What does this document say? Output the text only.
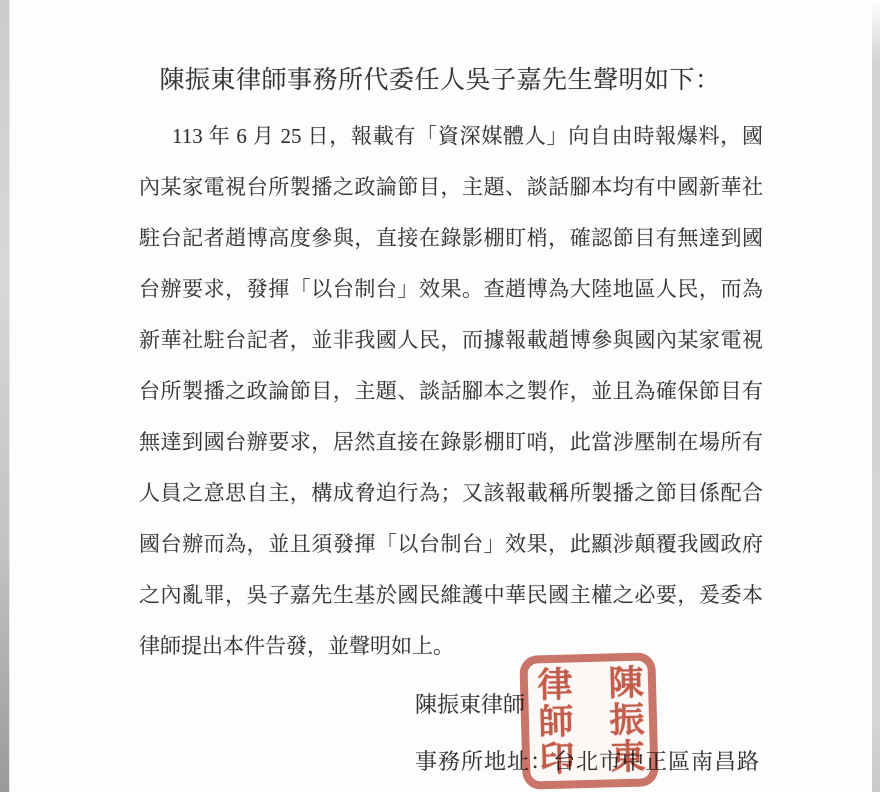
陳振東律師事務所代委任人吳子嘉先生聲明如下：
113 年 6 月 25 日，報載有「資深媒體人」向自由時報爆料，國
內某家電視台所製播之政論節目，主題、談話腳本均有中國新華社
駐台記者趙博高度參與，直接在錄影棚盯梢，確認節目有無達到國
台辦要求，發揮「以台制台」效果。查趙博為大陸地區人民，而為
新華社駐台記者，並非我國人民，而據報載趙博參與國內某家電視
台所製播之政論節目，主題、談話腳本之製作，並且為確保節目有
無達到國台辦要求，居然直接在錄影棚盯哨，此當涉壓制在場所有
人員之意思自主，構成脅迫行為；又該報載稱所製播之節目係配合
國台辦而為，並且須發揮「以台制台」效果，此顯涉顛覆我國政府
之內亂罪，吳子嘉先生基於國民維護中華民國主權之必要，爰委本
律師提出本件告發，並聲明如上。
陳振東律師
事務所地址：台北市中正區南昌路
律師印 陳振東
